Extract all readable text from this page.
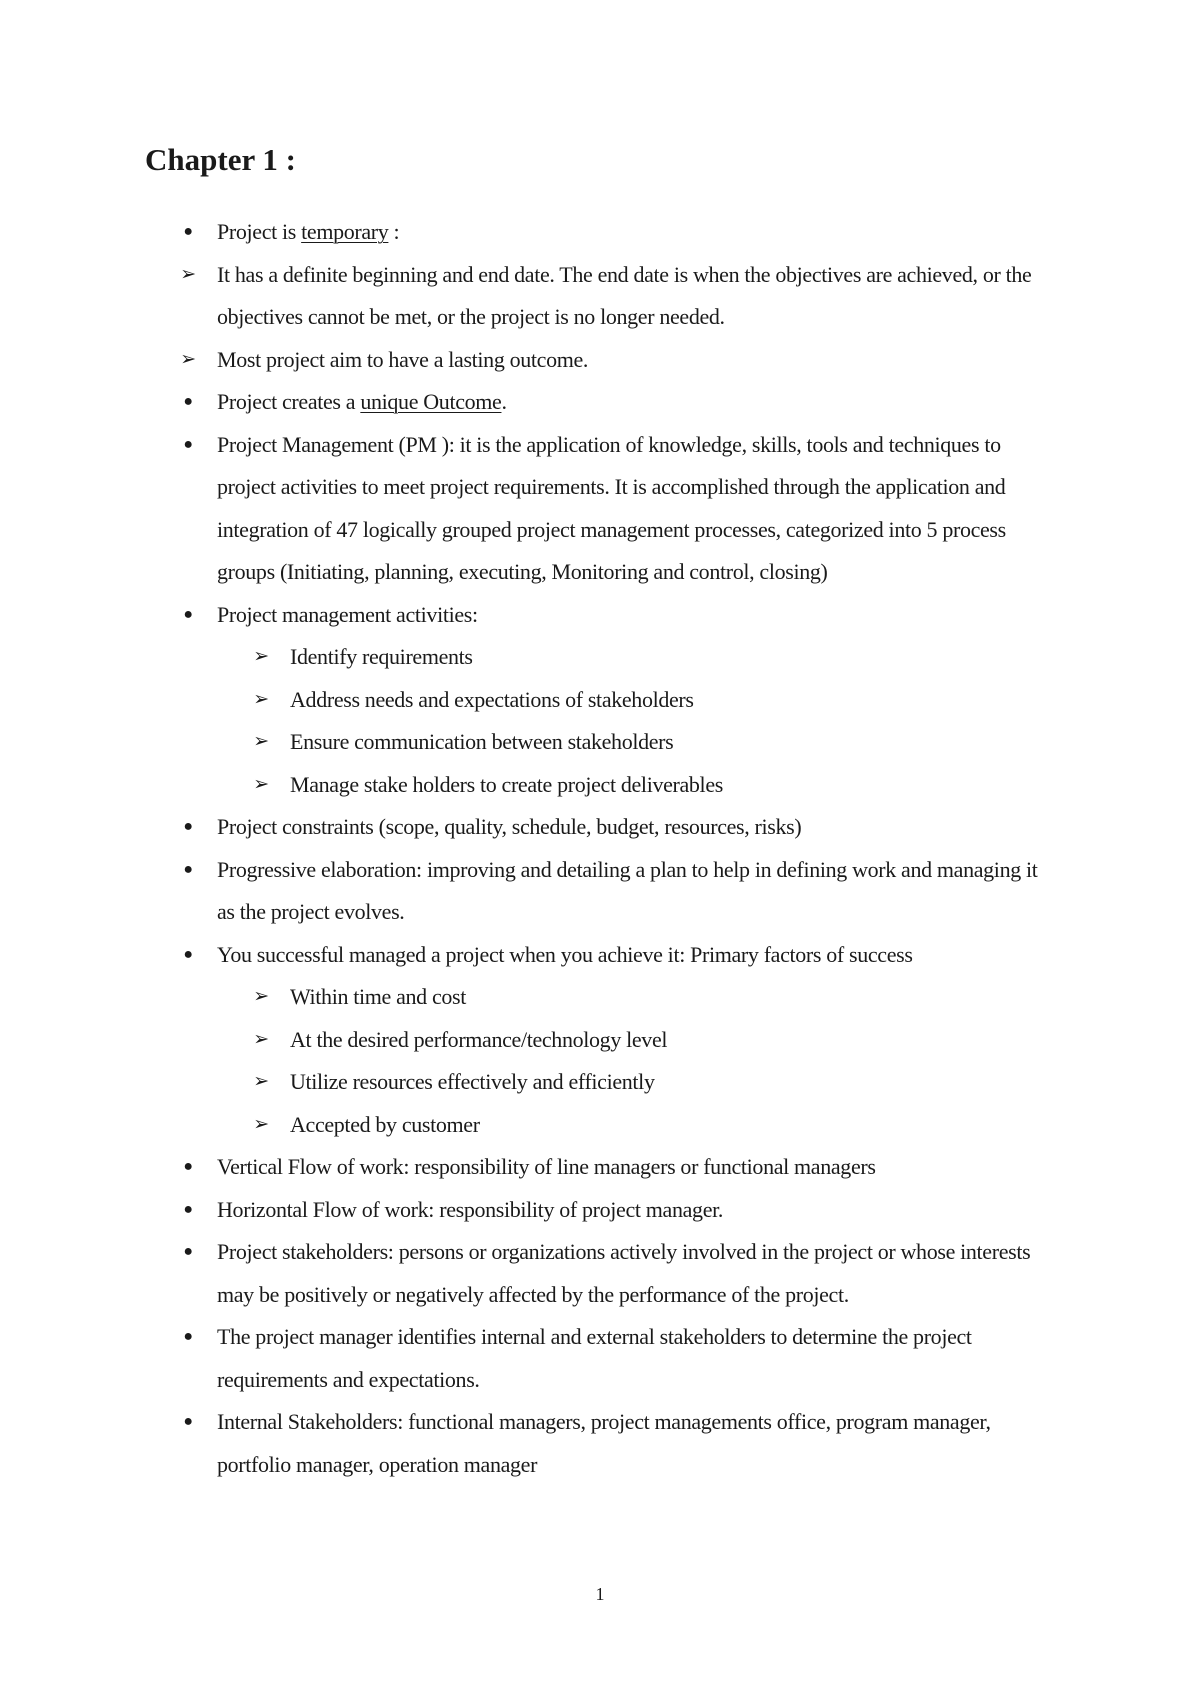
Chapter 1 :
●	Project is temporary :
➢ It has a definite beginning and end date. The end date is when the objectives are achieved, or the objectives cannot be met, or the project is no longer needed.
➢ Most project aim to have a lasting outcome.
●	Project creates a unique Outcome.
●	Project Management (PM ): it is the application of knowledge, skills, tools and techniques to project activities to meet project requirements. It is accomplished through the application and integration of 47 logically grouped project management processes, categorized into 5 process groups (Initiating, planning, executing, Monitoring and control, closing)
●	Project management activities:
➢ Identify requirements
➢ Address needs and expectations of stakeholders
➢ Ensure communication between stakeholders
➢ Manage stake holders to create project deliverables
●	Project constraints (scope, quality, schedule, budget, resources, risks)
●	Progressive elaboration: improving and detailing a plan to help in defining work and managing it as the project evolves.
●	You successful managed a project when you achieve it: Primary factors of success
➢ Within time and cost
➢ At the desired performance/technology level
➢ Utilize resources effectively and efficiently
➢ Accepted by customer
●	Vertical Flow of work: responsibility of line managers or functional managers
●	Horizontal Flow of work: responsibility of project manager.
●	Project stakeholders: persons or organizations actively involved in the project or whose interests may be positively or negatively affected by the performance of the project.
●	The project manager identifies internal and external stakeholders to determine the project requirements and expectations.
●	Internal Stakeholders: functional managers, project managements office, program manager, portfolio manager, operation manager
1
